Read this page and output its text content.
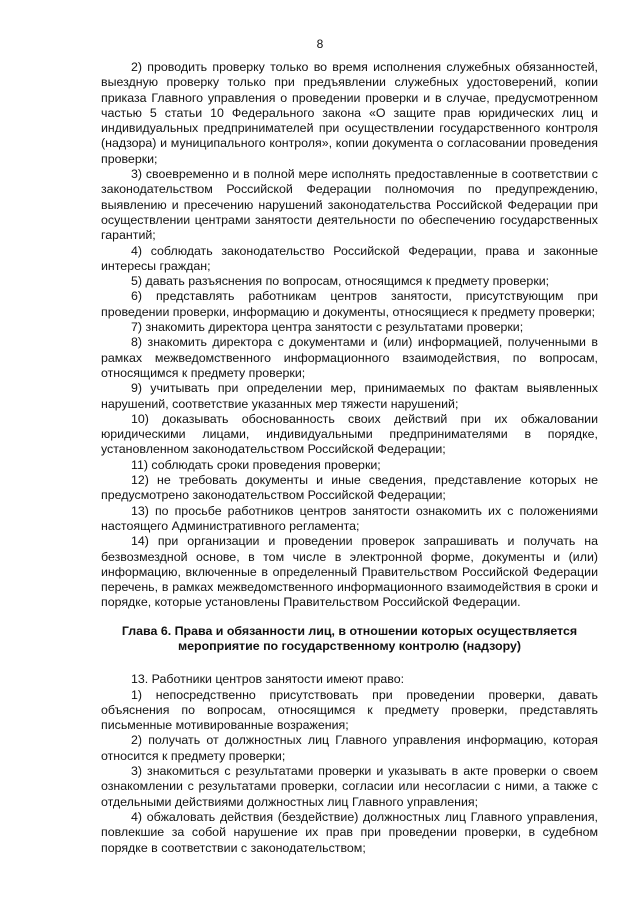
8

2) проводить проверку только во время исполнения служебных обязанностей, выездную проверку только при предъявлении служебных удостоверений, копии приказа Главного управления о проведении проверки и в случае, предусмотренном частью 5 статьи 10 Федерального закона «О защите прав юридических лиц и индивидуальных предпринимателей при осуществлении государственного контроля (надзора) и муниципального контроля», копии документа о согласовании проведения проверки;

3) своевременно и в полной мере исполнять предоставленные в соответствии с законодательством Российской Федерации полномочия по предупреждению, выявлению и пресечению нарушений законодательства Российской Федерации при осуществлении центрами занятости деятельности по обеспечению государственных гарантий;

4) соблюдать законодательство Российской Федерации, права и законные интересы граждан;

5) давать разъяснения по вопросам, относящимся к предмету проверки;

6) представлять работникам центров занятости, присутствующим при проведении проверки, информацию и документы, относящиеся к предмету проверки;

7) знакомить директора центра занятости с результатами проверки;

8) знакомить директора с документами и (или) информацией, полученными в рамках межведомственного информационного взаимодействия, по вопросам, относящимся к предмету проверки;

9) учитывать при определении мер, принимаемых по фактам выявленных нарушений, соответствие указанных мер тяжести нарушений;

10) доказывать обоснованность своих действий при их обжаловании юридическими лицами, индивидуальными предпринимателями в порядке, установленном законодательством Российской Федерации;

11) соблюдать сроки проведения проверки;

12) не требовать документы и иные сведения, представление которых не предусмотрено законодательством Российской Федерации;

13) по просьбе работников центров занятости ознакомить их с положениями настоящего Административного регламента;

14) при организации и проведении проверок запрашивать и получать на безвозмездной основе, в том числе в электронной форме, документы и (или) информацию, включенные в определенный Правительством Российской Федерации перечень, в рамках межведомственного информационного взаимодействия в сроки и порядке, которые установлены Правительством Российской Федерации.

Глава 6. Права и обязанности лиц, в отношении которых осуществляется мероприятие по государственному контролю (надзору)

13. Работники центров занятости имеют право:

1) непосредственно присутствовать при проведении проверки, давать объяснения по вопросам, относящимся к предмету проверки, представлять письменные мотивированные возражения;

2) получать от должностных лиц Главного управления информацию, которая относится к предмету проверки;

3) знакомиться с результатами проверки и указывать в акте проверки о своем ознакомлении с результатами проверки, согласии или несогласии с ними, а также с отдельными действиями должностных лиц Главного управления;

4) обжаловать действия (бездействие) должностных лиц Главного управления, повлекшие за собой нарушение их прав при проведении проверки, в судебном порядке в соответствии с законодательством;
